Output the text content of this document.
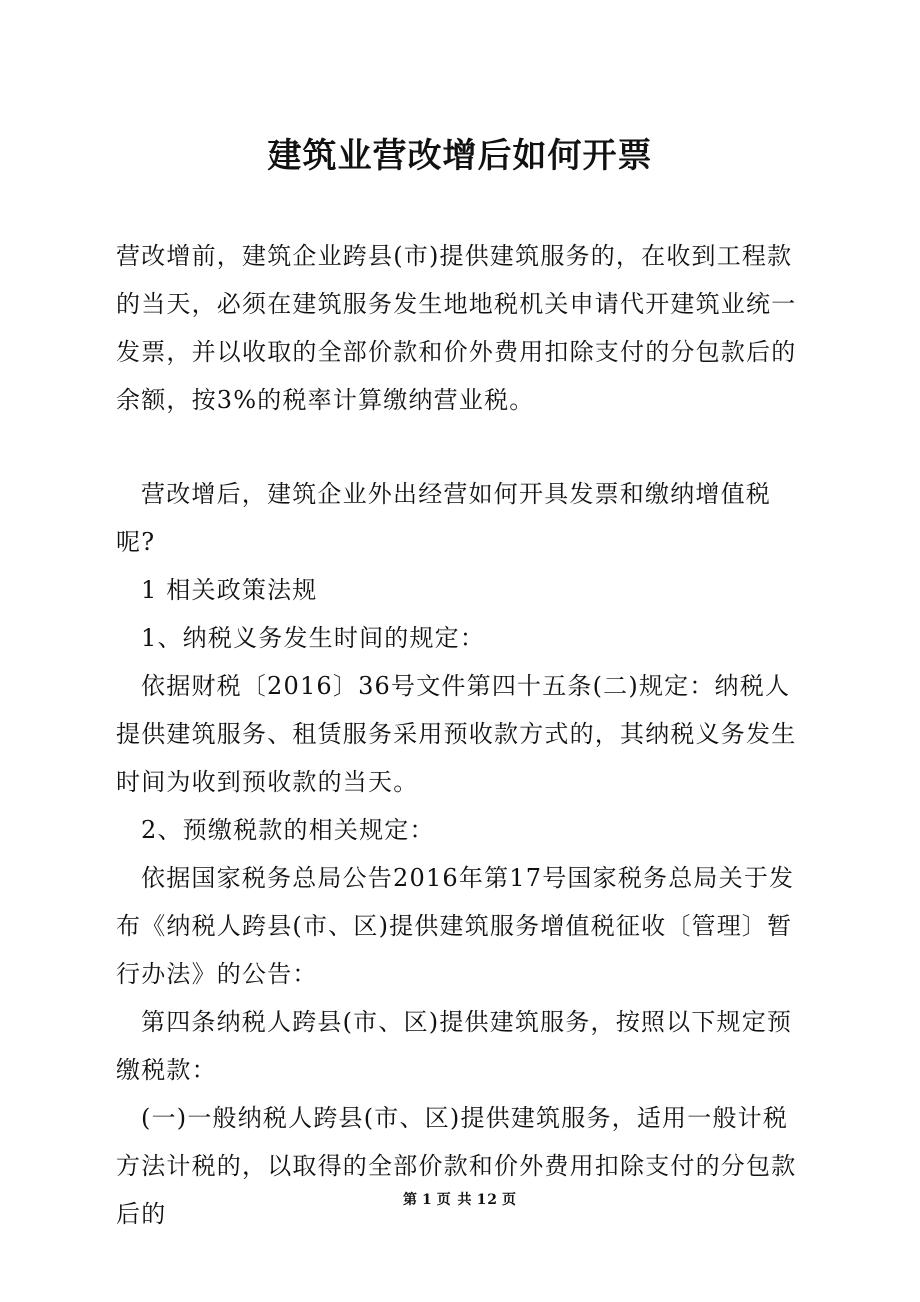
建筑业营改增后如何开票

营改增前，建筑企业跨县(市)提供建筑服务的，在收到工程款的当天，必须在建筑服务发生地地税机关申请代开建筑业统一发票，并以收取的全部价款和价外费用扣除支付的分包款后的余额，按3%的税率计算缴纳营业税。

营改增后，建筑企业外出经营如何开具发票和缴纳增值税呢?

1 相关政策法规

1、纳税义务发生时间的规定：

依据财税〔2016〕36号文件第四十五条(二)规定：纳税人提供建筑服务、租赁服务采用预收款方式的，其纳税义务发生时间为收到预收款的当天。

2、预缴税款的相关规定：

依据国家税务总局公告2016年第17号国家税务总局关于发布《纳税人跨县(市、区)提供建筑服务增值税征收〔管理〕暂行办法》的公告：

第四条纳税人跨县(市、区)提供建筑服务，按照以下规定预缴税款：

(一)一般纳税人跨县(市、区)提供建筑服务，适用一般计税方法计税的，以取得的全部价款和价外费用扣除支付的分包款后的	第 1 页 共 12 页
